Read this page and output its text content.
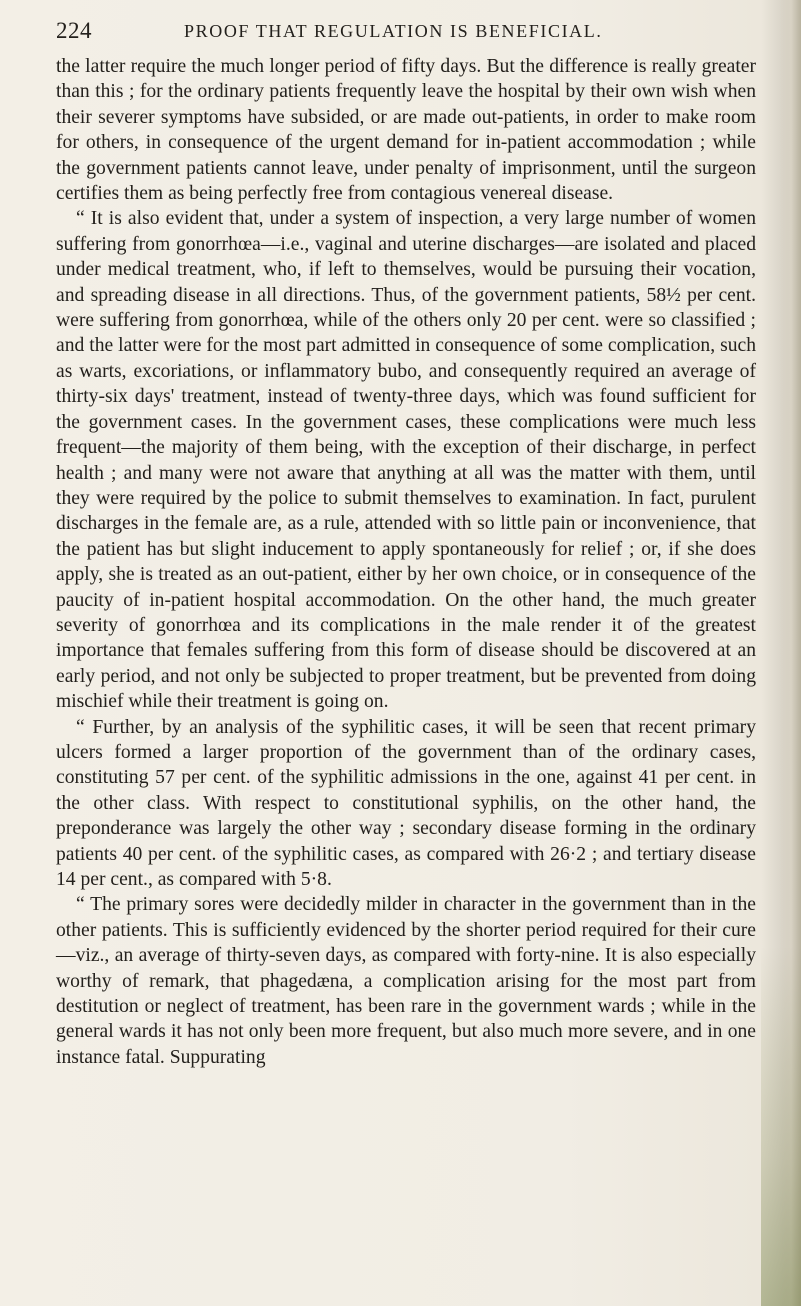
224	PROOF THAT REGULATION IS BENEFICIAL.

the latter require the much longer period of fifty days. But the difference is really greater than this ; for the ordinary patients frequently leave the hospital by their own wish when their severer symptoms have subsided, or are made out-patients, in order to make room for others, in consequence of the urgent demand for in-patient accommodation ; while the government patients cannot leave, under penalty of imprisonment, until the surgeon certifies them as being perfectly free from contagious venereal disease.

“ It is also evident that, under a system of inspection, a very large number of women suffering from gonorrhœa—i.e., vaginal and uterine discharges—are isolated and placed under medical treatment, who, if left to themselves, would be pursuing their vocation, and spreading disease in all directions. Thus, of the government patients, 58½ per cent. were suffering from gonorrhœa, while of the others only 20 per cent. were so classified ; and the latter were for the most part admitted in consequence of some complication, such as warts, excoriations, or inflammatory bubo, and consequently required an average of thirty-six days' treatment, instead of twenty-three days, which was found sufficient for the government cases. In the government cases, these complications were much less frequent—the majority of them being, with the exception of their discharge, in perfect health ; and many were not aware that anything at all was the matter with them, until they were required by the police to submit themselves to examination. In fact, purulent discharges in the female are, as a rule, attended with so little pain or inconvenience, that the patient has but slight inducement to apply spontaneously for relief ; or, if she does apply, she is treated as an out-patient, either by her own choice, or in consequence of the paucity of in-patient hospital accommodation. On the other hand, the much greater severity of gonorrhœa and its complications in the male render it of the greatest importance that females suffering from this form of disease should be discovered at an early period, and not only be subjected to proper treatment, but be prevented from doing mischief while their treatment is going on.

“ Further, by an analysis of the syphilitic cases, it will be seen that recent primary ulcers formed a larger proportion of the government than of the ordinary cases, constituting 57 per cent. of the syphilitic admissions in the one, against 41 per cent. in the other class. With respect to constitutional syphilis, on the other hand, the preponderance was largely the other way ; secondary disease forming in the ordinary patients 40 per cent. of the syphilitic cases, as compared with 26·2 ; and tertiary disease 14 per cent., as compared with 5·8.

“ The primary sores were decidedly milder in character in the government than in the other patients. This is sufficiently evidenced by the shorter period required for their cure—viz., an average of thirty-seven days, as compared with forty-nine. It is also especially worthy of remark, that phagedæna, a complication arising for the most part from destitution or neglect of treatment, has been rare in the government wards ; while in the general wards it has not only been more frequent, but also much more severe, and in one instance fatal. Suppurating
